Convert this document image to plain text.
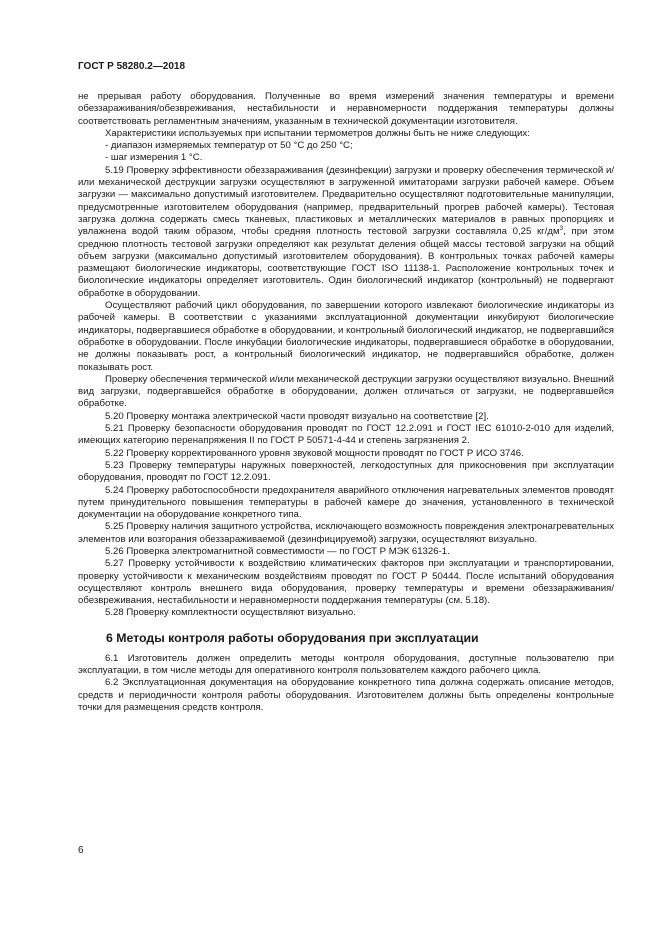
ГОСТ Р 58280.2—2018

не прерывая работу оборудования. Полученные во время измерений значения температуры и времени обеззараживания/обезвреживания, нестабильности и неравномерности поддержания температуры должны соответствовать регламентным значениям, указанным в технической документации изготовителя.

Характеристики используемых при испытании термометров должны быть не ниже следующих:

- диапазон измеряемых температур от 50 °C до 250 °C;

- шаг измерения 1 °C.

5.19 Проверку эффективности обеззараживания (дезинфекции) загрузки и проверку обеспечения термической и/или механической деструкции загрузки осуществляют в загруженной имитаторами загрузки рабочей камере. Объем загрузки — максимально допустимый изготовителем. Предварительно осуществляют подготовительные манипуляции, предусмотренные изготовителем оборудования (например, предварительный прогрев рабочей камеры). Тестовая загрузка должна содержать смесь тканевых, пластиковых и металлических материалов в равных пропорциях и увлажнена водой таким образом, чтобы средняя плотность тестовой загрузки составляла 0,25 $кг/дм^3$, при этом среднюю плотность тестовой загрузки определяют как результат деления общей массы тестовой загрузки на общий объем загрузки (максимально допустимый изготовителем оборудования). В контрольных точках рабочей камеры размещают биологические индикаторы, соответствующие ГОСТ ISO 11138-1. Расположение контрольных точек и биологические индикаторы определяет изготовитель. Один биологический индикатор (контрольный) не подвергают обработке в оборудовании.

Осуществляют рабочий цикл оборудования, по завершении которого извлекают биологические индикаторы из рабочей камеры. В соответствии с указаниями эксплуатационной документации инкубируют биологические индикаторы, подвергавшиеся обработке в оборудовании, и контрольный биологический индикатор, не подвергавшийся обработке в оборудовании. После инкубации биологические индикаторы, подвергавшиеся обработке в оборудовании, не должны показывать рост, а контрольный биологический индикатор, не подвергавшийся обработке, должен показывать рост.

Проверку обеспечения термической и/или механической деструкции загрузки осуществляют визуально. Внешний вид загрузки, подвергавшейся обработке в оборудовании, должен отличаться от загрузки, не подвергавшейся обработке.

5.20 Проверку монтажа электрической части проводят визуально на соответствие [2].

5.21 Проверку безопасности оборудования проводят по ГОСТ 12.2.091 и ГОСТ IEC 61010-2-010 для изделий, имеющих категорию перенапряжения II по ГОСТ Р 50571-4-44 и степень загрязнения 2.

5.22 Проверку корректированного уровня звуковой мощности проводят по ГОСТ Р ИСО 3746.

5.23 Проверку температуры наружных поверхностей, легкодоступных для прикосновения при эксплуатации оборудования, проводят по ГОСТ 12.2.091.

5.24 Проверку работоспособности предохранителя аварийного отключения нагревательных элементов проводят путем принудительного повышения температуры в рабочей камере до значения, установленного в технической документации на оборудование конкретного типа.

5.25 Проверку наличия защитного устройства, исключающего возможность повреждения электронагревательных элементов или возгорания обеззараживаемой (дезинфицируемой) загрузки, осуществляют визуально.

5.26 Проверка электромагнитной совместимости — по ГОСТ Р МЭК 61326-1.

5.27 Проверку устойчивости к воздействию климатических факторов при эксплуатации и транспортировании, проверку устойчивости к механическим воздействиям проводят по ГОСТ Р 50444. После испытаний оборудования осуществляют контроль внешнего вида оборудования, проверку температуры и времени обеззараживания/обезвреживания, нестабильности и неравномерности поддержания температуры (см. 5.18).

5.28 Проверку комплектности осуществляют визуально.

6 Методы контроля работы оборудования при эксплуатации

6.1 Изготовитель должен определить методы контроля оборудования, доступные пользователю при эксплуатации, в том числе методы для оперативного контроля пользователем каждого рабочего цикла.

6.2 Эксплуатационная документация на оборудование конкретного типа должна содержать описание методов, средств и периодичности контроля работы оборудования. Изготовителем должны быть определены контрольные точки для размещения средств контроля.

6
